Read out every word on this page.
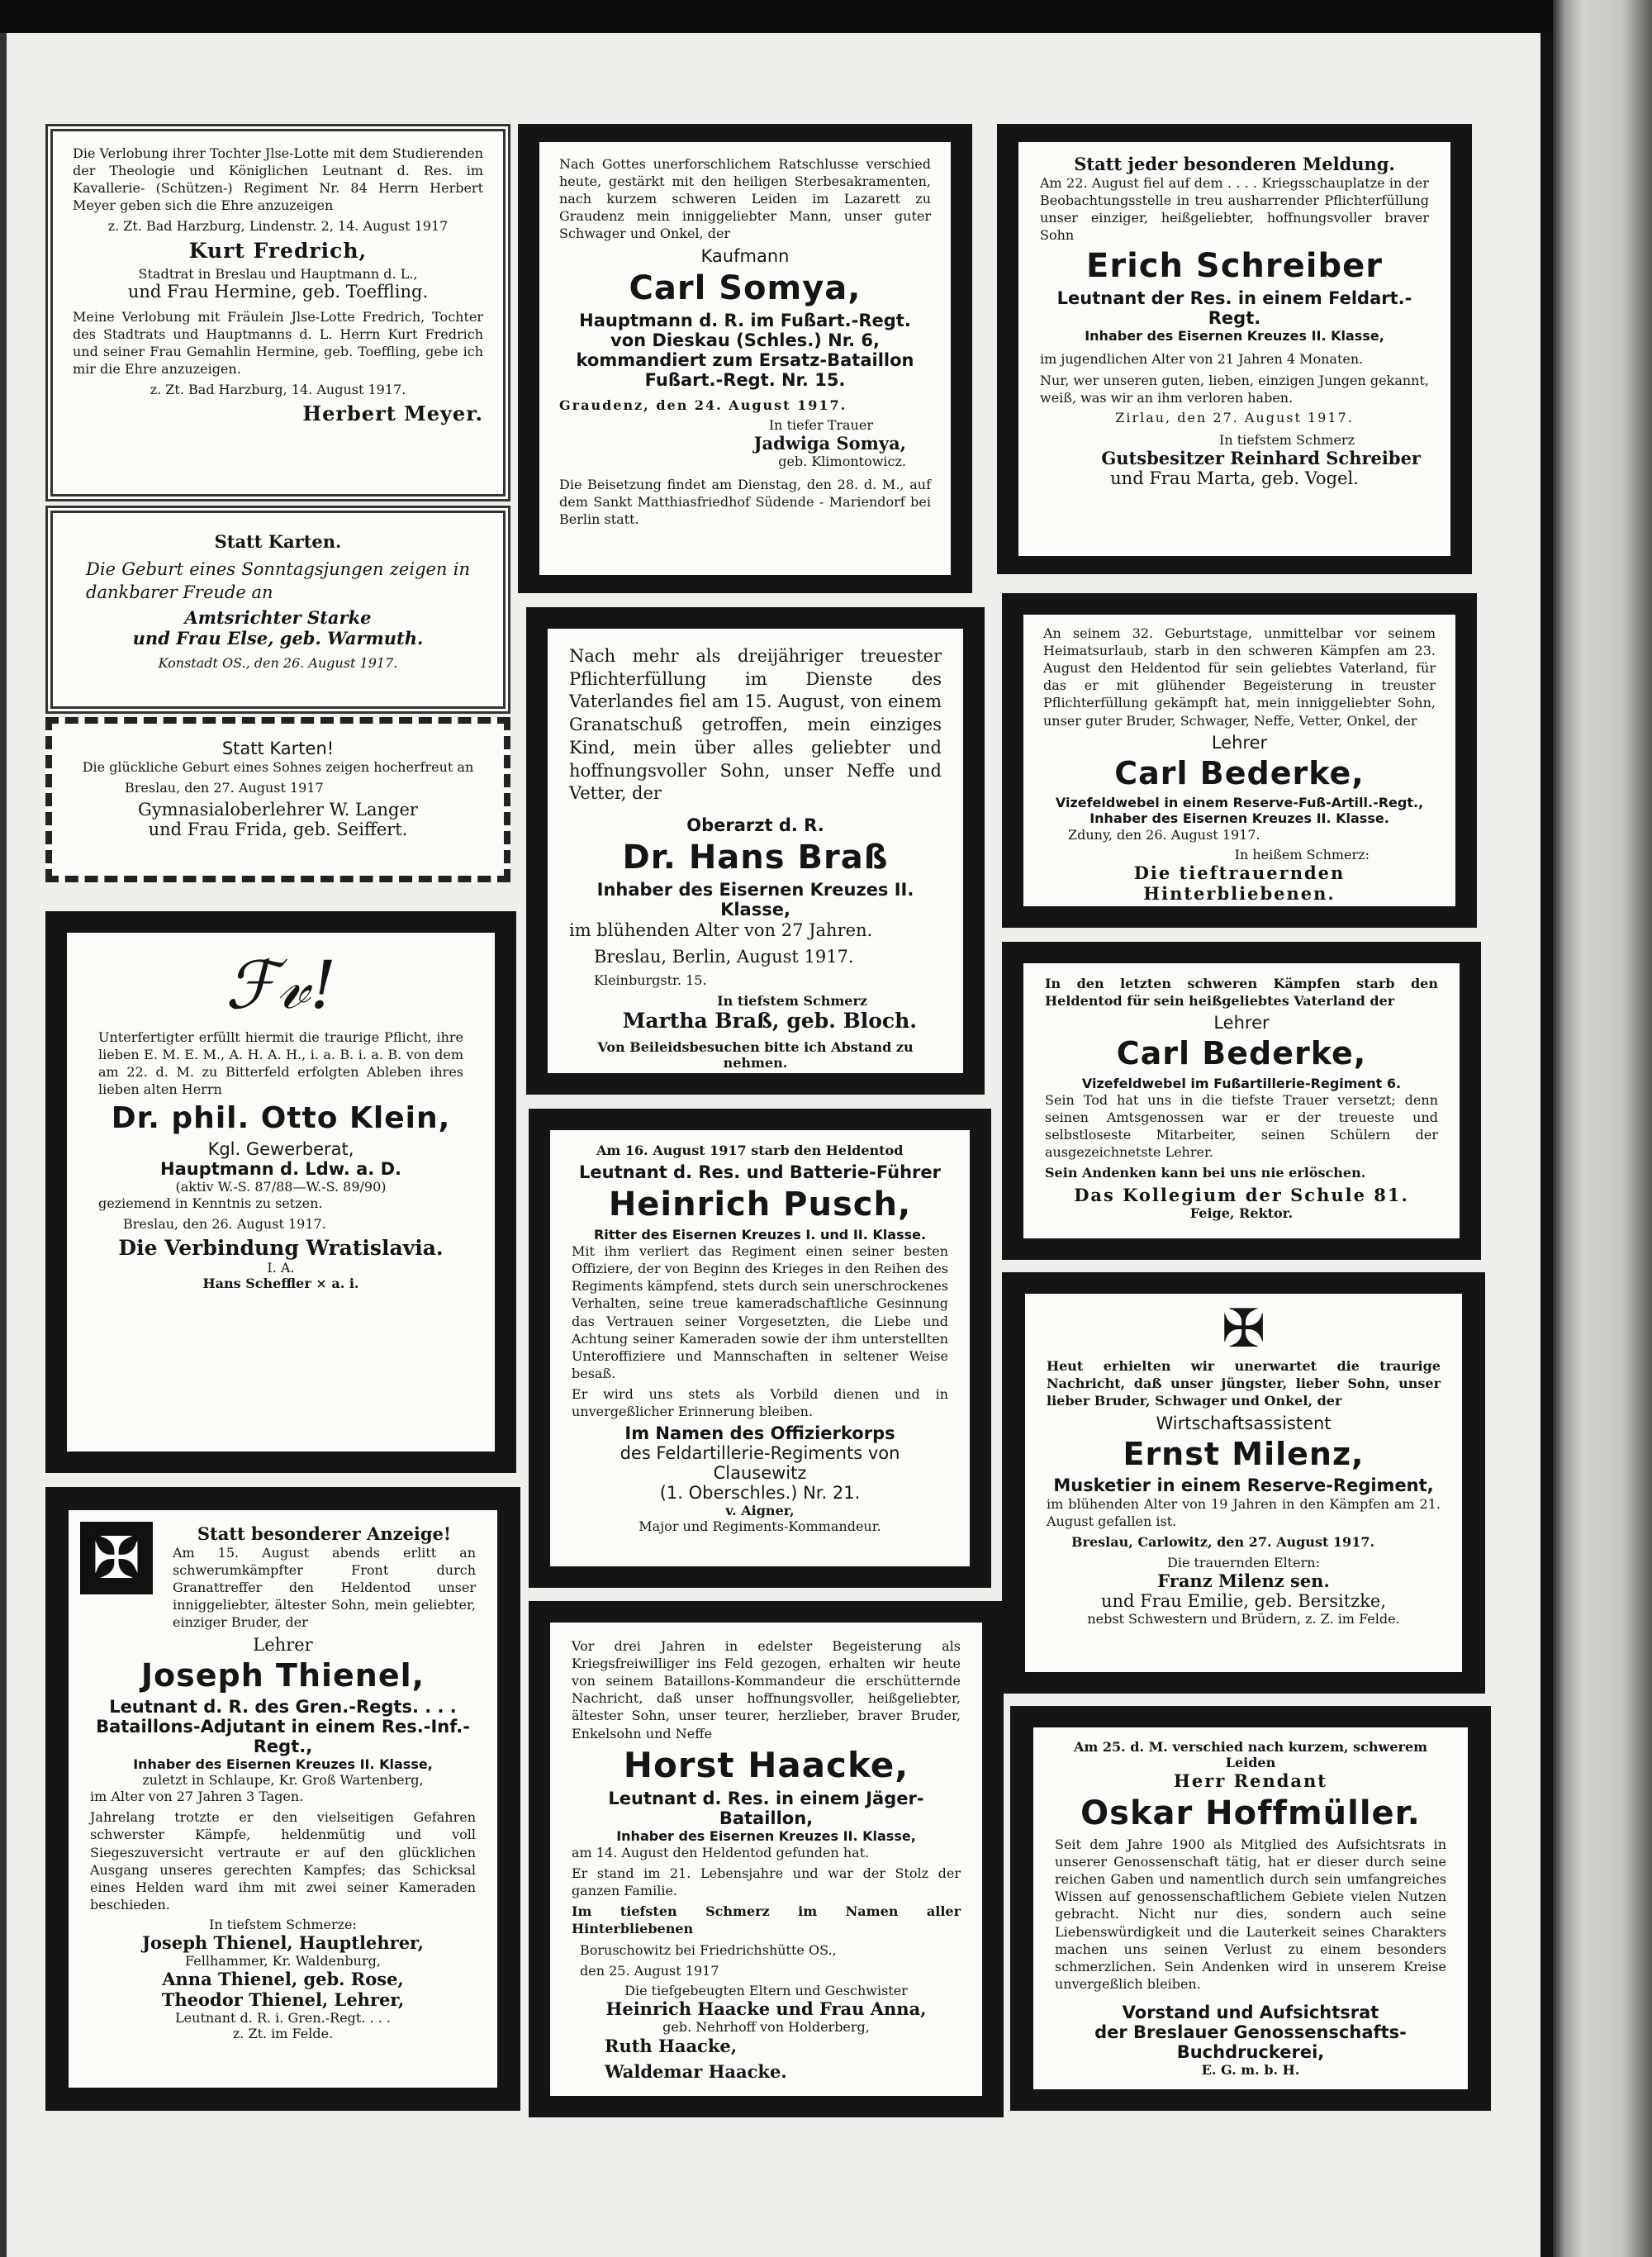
Die Verlobung ihrer Tochter Jlse-Lotte mit dem Studierenden der Theologie und Königlichen Leutnant d. Res. im Kavallerie- (Schützen-) Regiment Nr. 84 Herrn Herbert Meyer geben sich die Ehre anzuzeigen

z. Zt. Bad Harzburg, Lindenstr. 2, 14. August 1917

Kurt Fredrich,

Stadtrat in Breslau und Hauptmann d. L.,

und Frau Hermine, geb. Toeffling.

Meine Verlobung mit Fräulein Jlse-Lotte Fredrich, Tochter des Stadtrats und Hauptmanns d. L. Herrn Kurt Fredrich und seiner Frau Gemahlin Hermine, geb. Toeffling, gebe ich mir die Ehre anzuzeigen.

z. Zt. Bad Harzburg, 14. August 1917.

Herbert Meyer.

Statt Karten.

Die Geburt eines Sonntagsjungen zeigen in dankbarer Freude an

Amtsrichter Starke

und Frau Else, geb. Warmuth.

Konstadt OS., den 26. August 1917.

Statt Karten!

Die glückliche Geburt eines Sohnes zeigen hocherfreut an

Breslau, den 27. August 1917

Gymnasialoberlehrer W. Langer

und Frau Frida, geb. Seiffert.

ℱ𝓋!

Unterfertigter erfüllt hiermit die traurige Pflicht, ihre lieben E. M. E. M., A. H. A. H., i. a. B. i. a. B. von dem am 22. d. M. zu Bitterfeld erfolgten Ableben ihres lieben alten Herrn

Dr. phil. Otto Klein,

Kgl. Gewerberat,

Hauptmann d. Ldw. a. D.

(aktiv W.-S. 87/88—W.-S. 89/90)

geziemend in Kenntnis zu setzen.

Breslau, den 26. August 1917.

Die Verbindung Wratislavia.

I. A.

Hans Scheffler × a. i.

✠	Statt besonderer Anzeige!

Am 15. August abends erlitt an schwerumkämpfter Front durch Granattreffer den Heldentod unser inniggeliebter, ältester Sohn, mein geliebter, einziger Bruder, der

Lehrer

Joseph Thienel,

Leutnant d. R. des Gren.-Regts. . . .

Bataillons-Adjutant in einem Res.-Inf.-Regt.,

Inhaber des Eisernen Kreuzes II. Klasse,

zuletzt in Schlaupe, Kr. Groß Wartenberg,

im Alter von 27 Jahren 3 Tagen.

Jahrelang trotzte er den vielseitigen Gefahren schwerster Kämpfe, heldenmütig und voll Siegeszuversicht vertraute er auf den glücklichen Ausgang unseres gerechten Kampfes; das Schicksal eines Helden ward ihm mit zwei seiner Kameraden beschieden.

In tiefstem Schmerze:

Joseph Thienel, Hauptlehrer,

Fellhammer, Kr. Waldenburg,

Anna Thienel, geb. Rose,

Theodor Thienel, Lehrer,

Leutnant d. R. i. Gren.-Regt. . . .

z. Zt. im Felde.

Nach Gottes unerforschlichem Ratschlusse verschied heute, gestärkt mit den heiligen Sterbesakramenten, nach kurzem schweren Leiden im Lazarett zu Graudenz mein inniggeliebter Mann, unser guter Schwager und Onkel, der

Kaufmann

Carl Somya,

Hauptmann d. R. im Fußart.-Regt. von Dieskau (Schles.) Nr. 6,

kommandiert zum Ersatz-Bataillon Fußart.-Regt. Nr. 15.

Graudenz, den 24. August 1917.

In tiefer Trauer

Jadwiga Somya,

geb. Klimontowicz.

Die Beisetzung findet am Dienstag, den 28. d. M., auf dem Sankt Matthiasfriedhof Südende - Mariendorf bei Berlin statt.

Nach mehr als dreijähriger treuester Pflichterfüllung im Dienste des Vaterlandes fiel am 15. August, von einem Granatschuß getroffen, mein einziges Kind, mein über alles geliebter und hoffnungsvoller Sohn, unser Neffe und Vetter, der

Oberarzt d. R.

Dr. Hans Braß

Inhaber des Eisernen Kreuzes II. Klasse,

im blühenden Alter von 27 Jahren.

Breslau, Berlin, August 1917.

Kleinburgstr. 15.

In tiefstem Schmerz

Martha Braß, geb. Bloch.

Von Beileidsbesuchen bitte ich Abstand zu nehmen.

Am 16. August 1917 starb den Heldentod

Leutnant d. Res. und Batterie-Führer

Heinrich Pusch,

Ritter des Eisernen Kreuzes I. und II. Klasse.

Mit ihm verliert das Regiment einen seiner besten Offiziere, der von Beginn des Krieges in den Reihen des Regiments kämpfend, stets durch sein unerschrockenes Verhalten, seine treue kameradschaftliche Gesinnung das Vertrauen seiner Vorgesetzten, die Liebe und Achtung seiner Kameraden sowie der ihm unterstellten Unteroffiziere und Mannschaften in seltener Weise besaß.

Er wird uns stets als Vorbild dienen und in unvergeßlicher Erinnerung bleiben.

Im Namen des Offizierkorps

des Feldartillerie-Regiments von Clausewitz

(1. Oberschles.) Nr. 21.

v. Aigner,

Major und Regiments-Kommandeur.

Vor drei Jahren in edelster Begeisterung als Kriegsfreiwilliger ins Feld gezogen, erhalten wir heute von seinem Bataillons-Kommandeur die erschütternde Nachricht, daß unser hoffnungsvoller, heißgeliebter, ältester Sohn, unser teurer, herzlieber, braver Bruder, Enkelsohn und Neffe

Horst Haacke,

Leutnant d. Res. in einem Jäger-Bataillon,

Inhaber des Eisernen Kreuzes II. Klasse,

am 14. August den Heldentod gefunden hat.

Er stand im 21. Lebensjahre und war der Stolz der ganzen Familie.

Im tiefsten Schmerz im Namen aller Hinterbliebenen

Boruschowitz bei Friedrichshütte OS.,

den 25. August 1917

Die tiefgebeugten Eltern und Geschwister

Heinrich Haacke und Frau Anna,

geb. Nehrhoff von Holderberg,

Ruth Haacke,

Waldemar Haacke.

Statt jeder besonderen Meldung.

Am 22. August fiel auf dem . . . . Kriegsschauplatze in der Beobachtungsstelle in treu ausharrender Pflichterfüllung unser einziger, heißgeliebter, hoffnungsvoller braver Sohn

Erich Schreiber

Leutnant der Res. in einem Feldart.-Regt.

Inhaber des Eisernen Kreuzes II. Klasse,

im jugendlichen Alter von 21 Jahren 4 Monaten.

Nur, wer unseren guten, lieben, einzigen Jungen gekannt, weiß, was wir an ihm verloren haben.

Zirlau, den 27. August 1917.

In tiefstem Schmerz

Gutsbesitzer Reinhard Schreiber

und Frau Marta, geb. Vogel.

An seinem 32. Geburtstage, unmittelbar vor seinem Heimatsurlaub, starb in den schweren Kämpfen am 23. August den Heldentod für sein geliebtes Vaterland, für das er mit glühender Begeisterung in treuster Pflichterfüllung gekämpft hat, mein inniggeliebter Sohn, unser guter Bruder, Schwager, Neffe, Vetter, Onkel, der

Lehrer

Carl Bederke,

Vizefeldwebel in einem Reserve-Fuß-Artill.-Regt.,

Inhaber des Eisernen Kreuzes II. Klasse.

Zduny, den 26. August 1917.

In heißem Schmerz:

Die tieftrauernden Hinterbliebenen.

In den letzten schweren Kämpfen starb den Heldentod für sein heißgeliebtes Vaterland der

Lehrer

Carl Bederke,

Vizefeldwebel im Fußartillerie-Regiment 6.

Sein Tod hat uns in die tiefste Trauer versetzt; denn seinen Amtsgenossen war er der treueste und selbstloseste Mitarbeiter, seinen Schülern der ausgezeichnetste Lehrer.

Sein Andenken kann bei uns nie erlöschen.

Das Kollegium der Schule 81.

Feige, Rektor.

✠

Heut erhielten wir unerwartet die traurige Nachricht, daß unser jüngster, lieber Sohn, unser lieber Bruder, Schwager und Onkel, der

Wirtschaftsassistent

Ernst Milenz,

Musketier in einem Reserve-Regiment,

im blühenden Alter von 19 Jahren in den Kämpfen am 21. August gefallen ist.

Breslau, Carlowitz, den 27. August 1917.

Die trauernden Eltern:

Franz Milenz sen.

und Frau Emilie, geb. Bersitzke,

nebst Schwestern und Brüdern, z. Z. im Felde.

Am 25. d. M. verschied nach kurzem, schwerem Leiden

Herr Rendant

Oskar Hoffmüller.

Seit dem Jahre 1900 als Mitglied des Aufsichtsrats in unserer Genossenschaft tätig, hat er dieser durch seine reichen Gaben und namentlich durch sein umfangreiches Wissen auf genossenschaftlichem Gebiete vielen Nutzen gebracht. Nicht nur dies, sondern auch seine Liebenswürdigkeit und die Lauterkeit seines Charakters machen uns seinen Verlust zu einem besonders schmerzlichen. Sein Andenken wird in unserem Kreise unvergeßlich bleiben.

Vorstand und Aufsichtsrat

der Breslauer Genossenschafts-Buchdruckerei,

E. G. m. b. H.
